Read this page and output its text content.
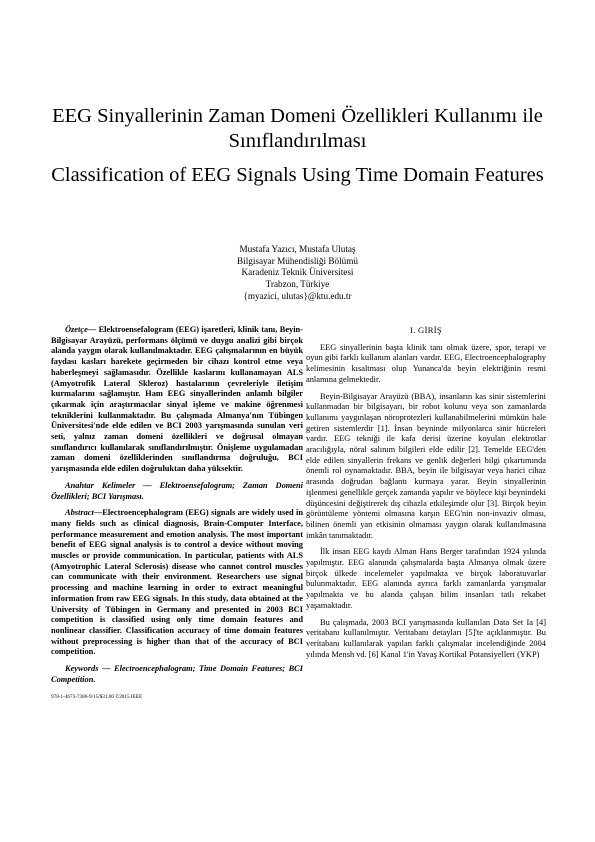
EEG Sinyallerinin Zaman Domeni Özellikleri Kullanımı ile Sınıflandırılması
Classification of EEG Signals Using Time Domain Features
Mustafa Yazıcı, Mustafa Ulutaş
Bilgisayar Mühendisliği Bölümü
Karadeniz Teknik Üniversitesi
Trabzon, Türkiye
{myazici, ulutas}@ktu.edu.tr

Özetçe— Elektroensefalogram (EEG) işaretleri, klinik tanı, Beyin-Bilgisayar Arayüzü, performans ölçümü ve duygu analizi gibi birçok alanda yaygın olarak kullanılmaktadır. EEG çalışmalarının en büyük faydası kasları harekete geçirmeden bir cihazı kontrol etme veya haberleşmeyi sağlamasıdır. Özellikle kaslarını kullanamayan ALS (Amyotrofik Lateral Skleroz) hastalarının çevreleriyle iletişim kurmalarını sağlamıştır. Ham EEG sinyallerinden anlamlı bilgiler çıkarmak için araştırmacılar sinyal işleme ve makine öğrenmesi tekniklerini kullanmaktadır. Bu çalışmada Almanya'nın Tübingen Üniversitesi'nde elde edilen ve BCI 2003 yarışmasında sunulan veri seti, yalnız zaman domeni özellikleri ve doğrusal olmayan sınıflandırıcı kullanılarak sınıflandırılmıştır. Önişleme uygulamadan zaman domeni özelliklerinden sınıflandırma doğruluğu, BCI yarışmasında elde edilen doğruluktan daha yüksektir.

Anahtar Kelimeler — Elektroensefalogram; Zaman Domeni Özellikleri; BCI Yarışması.

Abstract—Electroencephalogram (EEG) signals are widely used in many fields such as clinical diagnosis, Brain-Computer Interface, performance measurement and emotion analysis. The most important benefit of EEG signal analysis is to control a device without moving muscles or provide communication. In particular, patients with ALS (Amyotrophic Lateral Sclerosis) disease who cannot control muscles can communicate with their environment. Researchers use signal processing and machine learning in order to extract meaningful information from raw EEG signals. In this study, data obtained at the University of Tübingen in Germany and presented in 2003 BCI competition is classified using only time domain features and nonlinear classifier. Classification accuracy of time domain features without preprocessing is higher than that of the accuracy of BCI competition.

Keywords — Electroencephalogram; Time Domain Features; BCI Competition.

978-1-4673-7386-9/15/$31.00 ©2015 IEEE
I. GİRİŞ

EEG sinyallerinin başta klinik tanı olmak üzere, spor, terapi ve oyun gibi farklı kullanım alanları vardır. EEG, Electroencephalography kelimesinin kısaltması olup Yunanca'da beyin elektriğinin resmi anlamına gelmektedir.

Beyin-Bilgisayar Arayüzü (BBA), insanların kas sinir sistemlerini kullanmadan bir bilgisayarı, bir robot kolunu veya son zamanlarda kullanımı yaygınlaşan nöroprotezleri kullanabilmelerini mümkün hale getiren sistemlerdir [1]. İnsan beyninde milyonlarca sinir hücreleri vardır. EEG tekniği ile kafa derisi üzerine koyulan elektrotlar aracılığıyla, nöral salınım bilgileri elde edilir [2]. Temelde EEG'den elde edilen sinyallerin frekans ve genlik değerleri bilgi çıkartımında önemli rol oynamaktadır. BBA, beyin ile bilgisayar veya harici cihaz arasında doğrudan bağlantı kurmaya yarar. Beyin sinyallerinin işlenmesi genellikle gerçek zamanda yapılır ve böylece kişi beynindeki düşüncesini değiştirerek dış cihazla etkileşimde olur [3]. Birçok beyin görüntüleme yöntemi olmasına karşın EEG'nin non-invaziv olması, bilinen önemli yan etkisinin olmaması yaygın olarak kullanılmasına imkân tanımaktadır.

İlk insan EEG kaydı Alman Hans Berger tarafından 1924 yılında yapılmıştır. EEG alanında çalışmalarda başta Almanya olmak üzere birçok ülkede incelemeler yapılmakta ve birçok laboratuvarlar bulunmaktadır. EEG alanında ayrıca farklı zamanlarda yarışmalar yapılmakta ve bu alanda çalışan bilim insanları tatlı rekabet yaşamaktadır.

Bu çalışmada, 2003 BCI yarışmasında kullanılan Data Set Ia [4] veritabanı kullanılmıştır. Veritabanı detayları [5]'te açıklanmıştır. Bu veritabanı kullanılarak yapılan farklı çalışmalar incelendiğinde 2004 yılında Mensh vd. [6] Kanal 1'in Yavaş Kortikal Potansiyelleri (YKP)
